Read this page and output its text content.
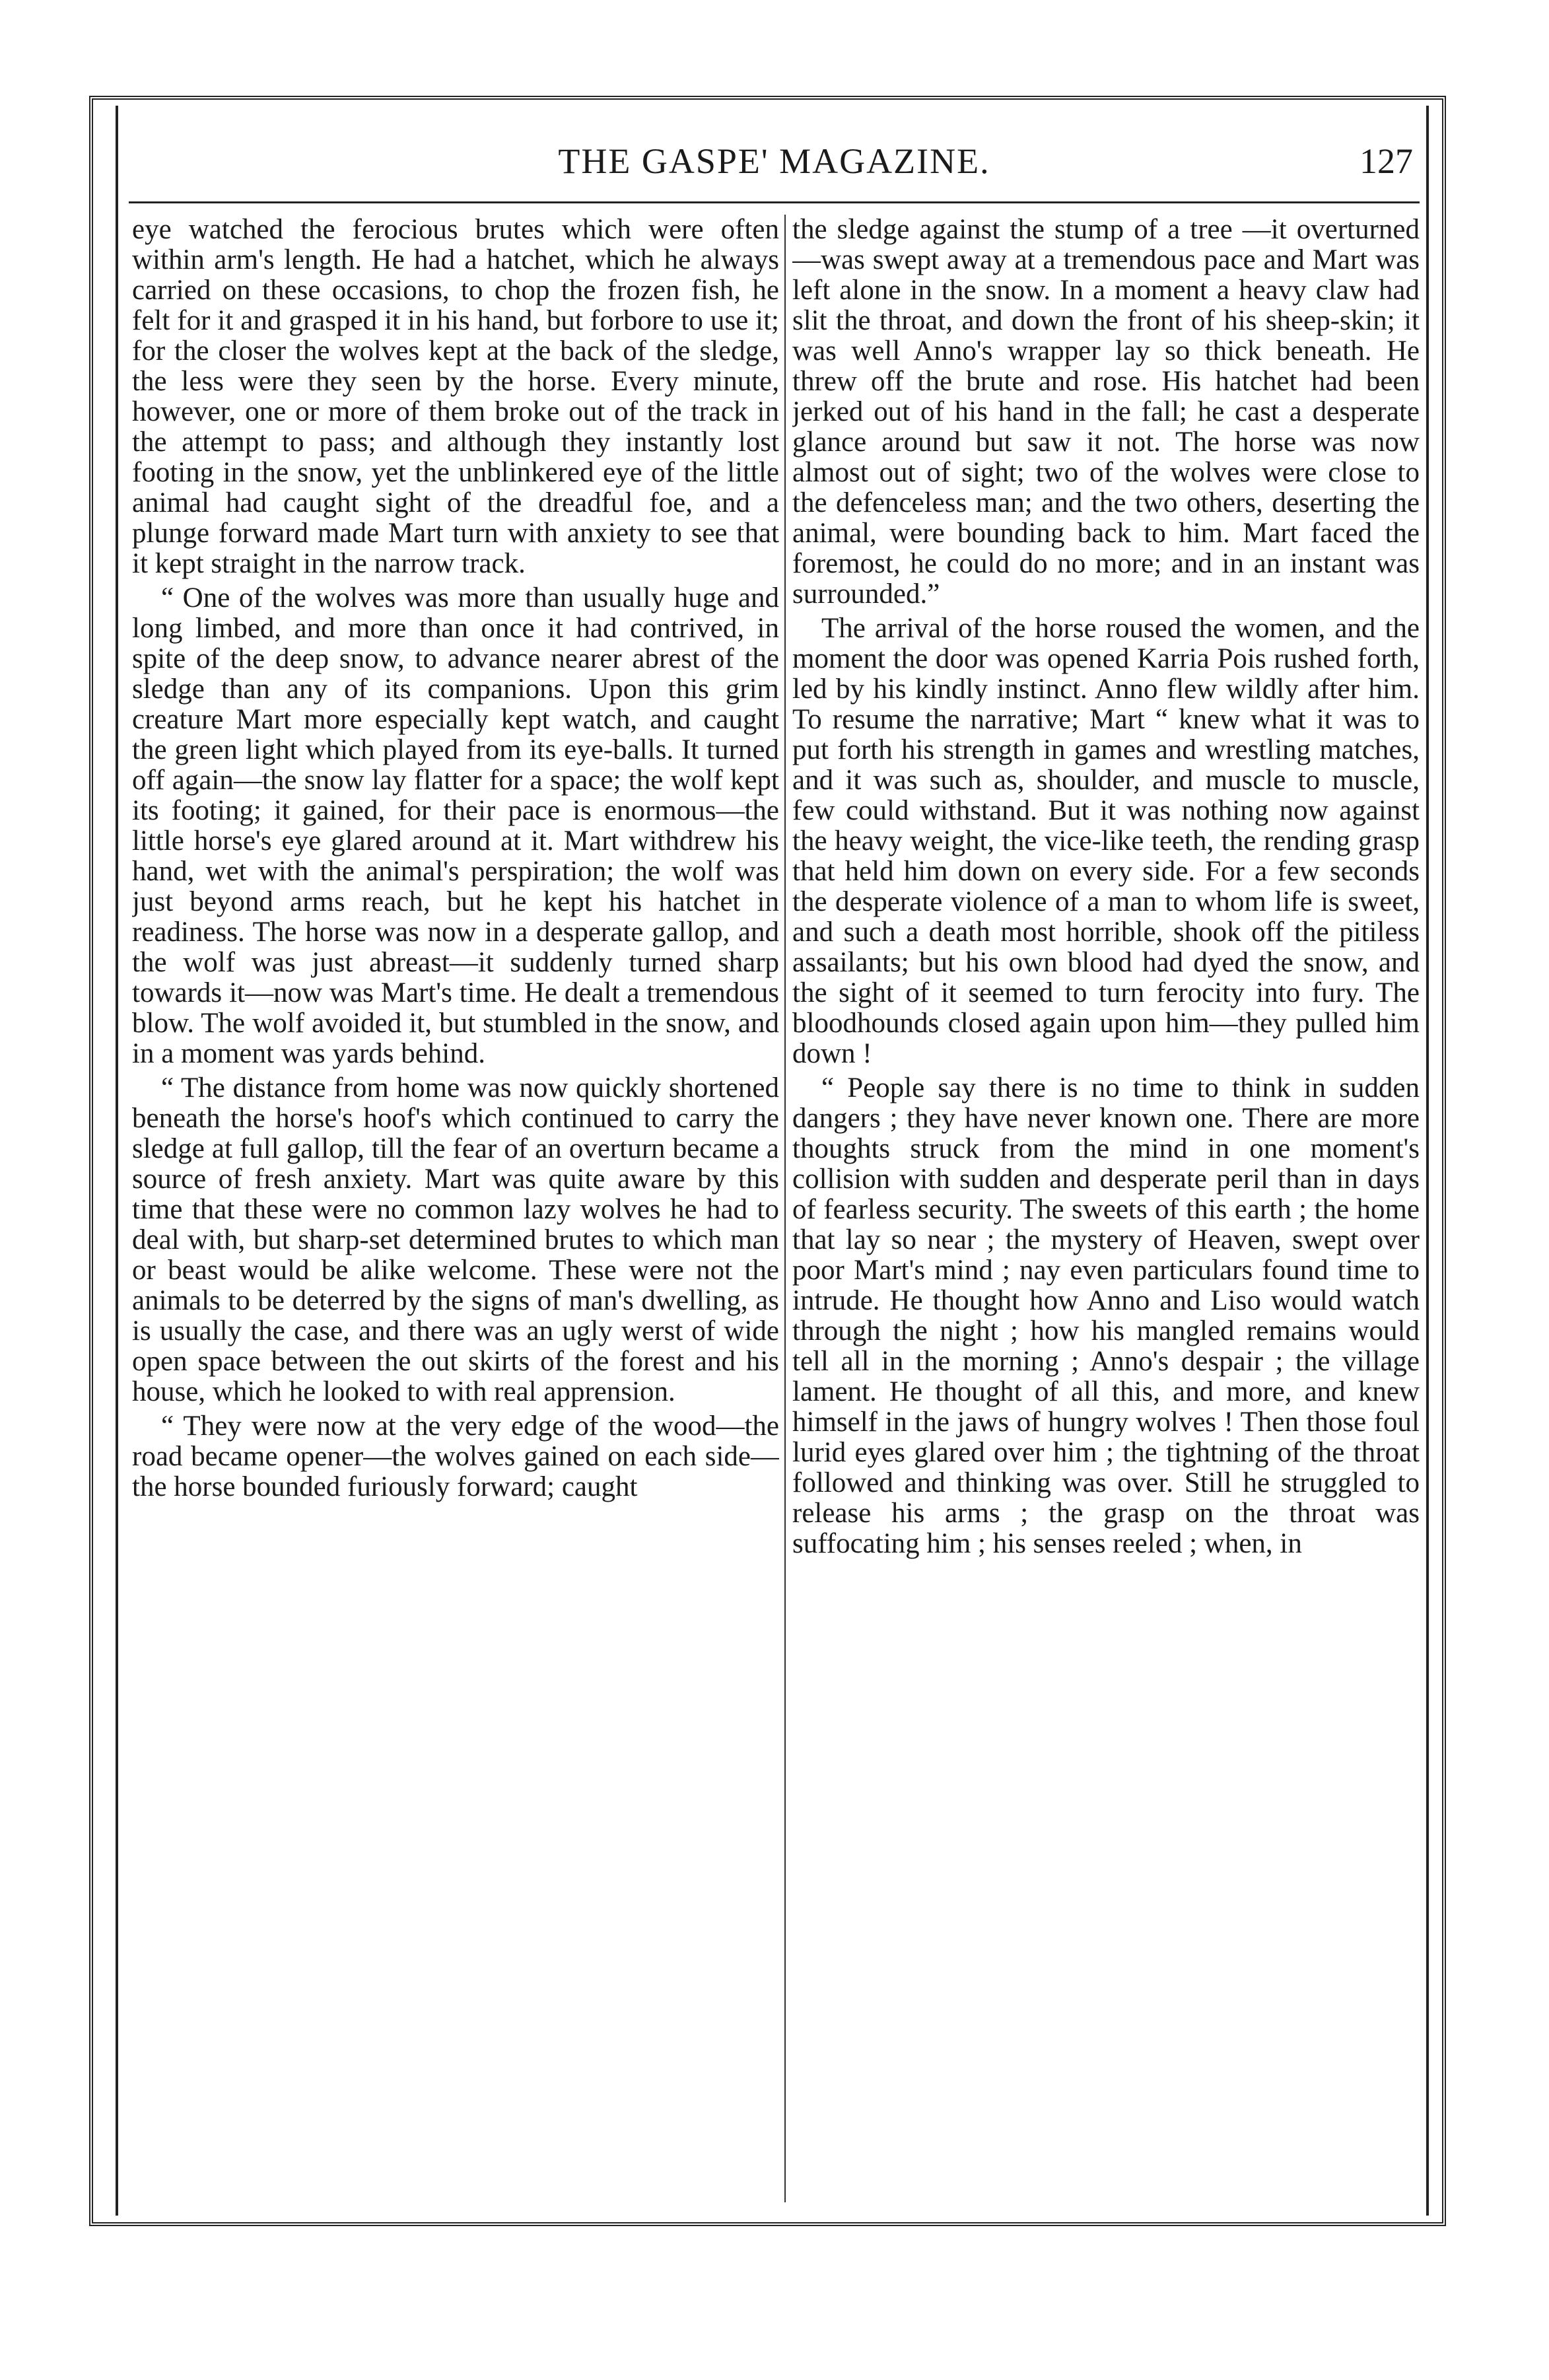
THE GASPE' MAGAZINE.	127

eye watched the ferocious brutes which were often within arm's length. He had a hatchet, which he always carried on these occasions, to chop the frozen fish, he felt for it and grasped it in his hand, but forbore to use it; for the closer the wolves kept at the back of the sledge, the less were they seen by the horse. Every minute, however, one or more of them broke out of the track in the attempt to pass; and although they instantly lost footing in the snow, yet the unblinkered eye of the little animal had caught sight of the dreadful foe, and a plunge forward made Mart turn with anxiety to see that it kept straight in the narrow track.

“ One of the wolves was more than usually huge and long limbed, and more than once it had contrived, in spite of the deep snow, to advance nearer abrest of the sledge than any of its companions. Upon this grim creature Mart more especially kept watch, and caught the green light which played from its eye-balls. It turned off again—the snow lay flatter for a space; the wolf kept its footing; it gained, for their pace is enormous—the little horse's eye glared around at it. Mart withdrew his hand, wet with the animal's perspiration; the wolf was just beyond arms reach, but he kept his hatchet in readiness. The horse was now in a desperate gallop, and the wolf was just abreast—it suddenly turned sharp towards it—now was Mart's time. He dealt a tremendous blow. The wolf avoided it, but stumbled in the snow, and in a moment was yards behind.

“ The distance from home was now quickly shortened beneath the horse's hoof's which continued to carry the sledge at full gallop, till the fear of an overturn became a source of fresh anxiety. Mart was quite aware by this time that these were no common lazy wolves he had to deal with, but sharp-set determined brutes to which man or beast would be alike welcome. These were not the animals to be deterred by the signs of man's dwelling, as is usually the case, and there was an ugly werst of wide open space between the out skirts of the forest and his house, which he looked to with real apprension.

“ They were now at the very edge of the wood—the road became opener—the wolves gained on each side—the horse bounded furiously forward; caught

the sledge against the stump of a tree —it overturned—was swept away at a tremendous pace and Mart was left alone in the snow. In a moment a heavy claw had slit the throat, and down the front of his sheep-skin; it was well Anno's wrapper lay so thick beneath. He threw off the brute and rose. His hatchet had been jerked out of his hand in the fall; he cast a desperate glance around but saw it not. The horse was now almost out of sight; two of the wolves were close to the defenceless man; and the two others, deserting the animal, were bounding back to him. Mart faced the foremost, he could do no more; and in an instant was surrounded.”

The arrival of the horse roused the women, and the moment the door was opened Karria Pois rushed forth, led by his kindly instinct. Anno flew wildly after him. To resume the narrative; Mart “ knew what it was to put forth his strength in games and wrestling matches, and it was such as, shoulder, and muscle to muscle, few could withstand. But it was nothing now against the heavy weight, the vice-like teeth, the rending grasp that held him down on every side. For a few seconds the desperate violence of a man to whom life is sweet, and such a death most horrible, shook off the pitiless assailants; but his own blood had dyed the snow, and the sight of it seemed to turn ferocity into fury. The bloodhounds closed again upon him—they pulled him down !

“ People say there is no time to think in sudden dangers ; they have never known one. There are more thoughts struck from the mind in one moment's collision with sudden and desperate peril than in days of fearless security. The sweets of this earth ; the home that lay so near ; the mystery of Heaven, swept over poor Mart's mind ; nay even particulars found time to intrude. He thought how Anno and Liso would watch through the night ; how his mangled remains would tell all in the morning ; Anno's despair ; the village lament. He thought of all this, and more, and knew himself in the jaws of hungry wolves ! Then those foul lurid eyes glared over him ; the tightning of the throat followed and thinking was over. Still he struggled to release his arms ; the grasp on the throat was suffocating him ; his senses reeled ; when, in
